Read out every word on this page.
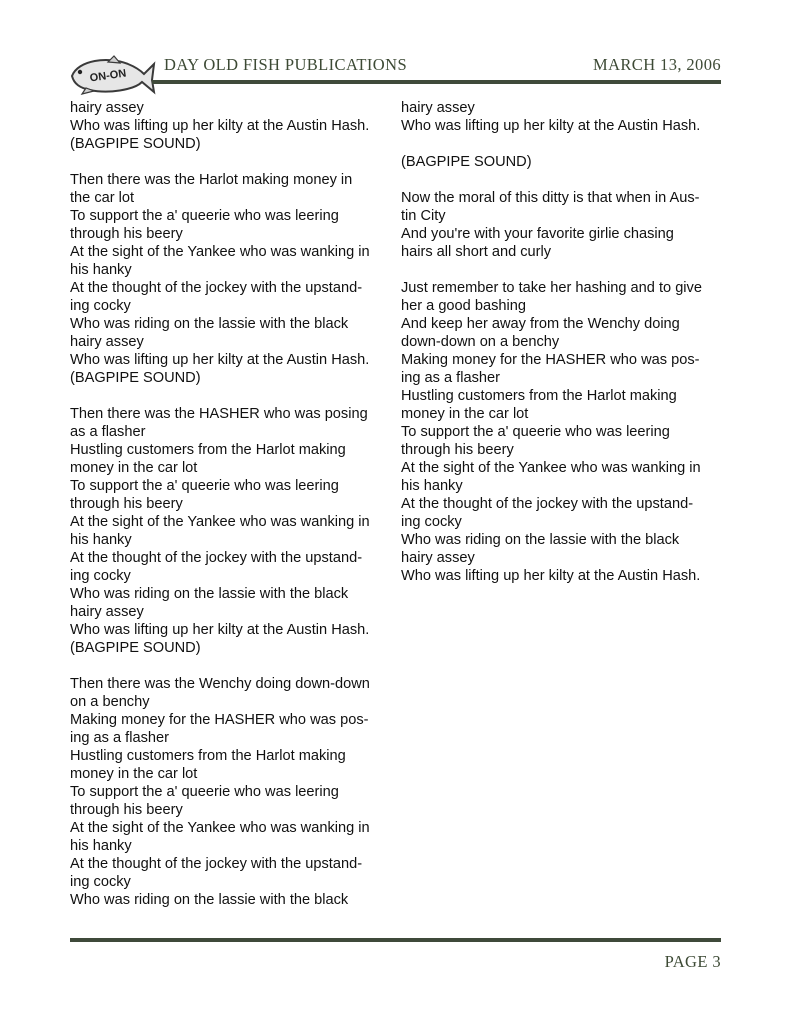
ON-ON
DAY OLD FISH PUBLICATIONS	MARCH 13, 2006
hairy assey
Who was lifting up her kilty at the Austin Hash.
(BAGPIPE SOUND)
Then there was the Harlot making money in
the car lot
To support the a' queerie who was leering
through his beery
At the sight of the Yankee who was wanking in
his hanky
At the thought of the jockey with the upstand-
ing cocky
Who was riding on the lassie with the black
hairy assey
Who was lifting up her kilty at the Austin Hash.
(BAGPIPE SOUND)
Then there was the HASHER who was posing
as a flasher
Hustling customers from the Harlot making
money in the car lot
To support the a' queerie who was leering
through his beery
At the sight of the Yankee who was wanking in
his hanky
At the thought of the jockey with the upstand-
ing cocky
Who was riding on the lassie with the black
hairy assey
Who was lifting up her kilty at the Austin Hash.
(BAGPIPE SOUND)
Then there was the Wenchy doing down-down
on a benchy
Making money for the HASHER who was pos-
ing as a flasher
Hustling customers from the Harlot making
money in the car lot
To support the a' queerie who was leering
through his beery
At the sight of the Yankee who was wanking in
his hanky
At the thought of the jockey with the upstand-
ing cocky
Who was riding on the lassie with the black
hairy assey
Who was lifting up her kilty at the Austin Hash.
(BAGPIPE SOUND)
Now the moral of this ditty is that when in Aus-
tin City
And you're with your favorite girlie chasing
hairs all short and curly
Just remember to take her hashing and to give
her a good bashing
And keep her away from the Wenchy doing
down-down on a benchy
Making money for the HASHER who was pos-
ing as a flasher
Hustling customers from the Harlot making
money in the car lot
To support the a' queerie who was leering
through his beery
At the sight of the Yankee who was wanking in
his hanky
At the thought of the jockey with the upstand-
ing cocky
Who was riding on the lassie with the black
hairy assey
Who was lifting up her kilty at the Austin Hash.
PAGE 3
